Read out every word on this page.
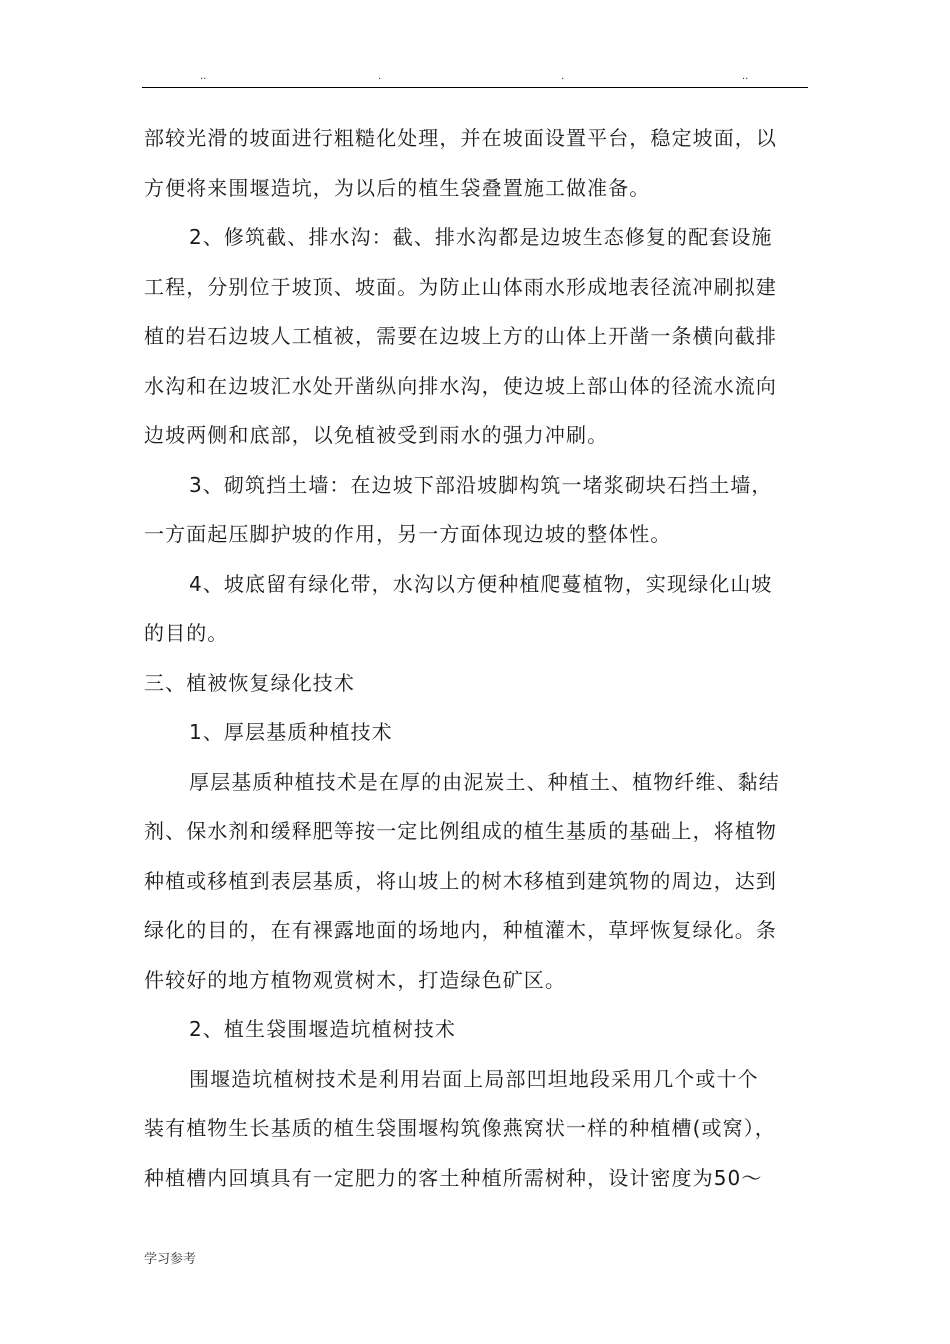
..	.	.	..
部较光滑的坡面进行粗糙化处理，并在坡面设置平台，稳定坡面，以
方便将来围堰造坑，为以后的植生袋叠置施工做准备。
2、修筑截、排水沟：截、排水沟都是边坡生态修复的配套设施
工程，分别位于坡顶、坡面。为防止山体雨水形成地表径流冲刷拟建
植的岩石边坡人工植被，需要在边坡上方的山体上开凿一条横向截排
水沟和在边坡汇水处开凿纵向排水沟，使边坡上部山体的径流水流向
边坡两侧和底部，以免植被受到雨水的强力冲刷。
3、砌筑挡土墙：在边坡下部沿坡脚构筑一堵浆砌块石挡土墙，
一方面起压脚护坡的作用，另一方面体现边坡的整体性。
4、坡底留有绿化带，水沟以方便种植爬蔓植物，实现绿化山坡
的目的。
三、植被恢复绿化技术
1、厚层基质种植技术
厚层基质种植技术是在厚的由泥炭土、种植土、植物纤维、黏结
剂、保水剂和缓释肥等按一定比例组成的植生基质的基础上，将植物
种植或移植到表层基质，将山坡上的树木移植到建筑物的周边，达到
绿化的目的，在有裸露地面的场地内，种植灌木，草坪恢复绿化。条
件较好的地方植物观赏树木，打造绿色矿区。
2、植生袋围堰造坑植树技术
围堰造坑植树技术是利用岩面上局部凹坦地段采用几个或十个
装有植物生长基质的植生袋围堰构筑像燕窝状一样的种植槽(或窝），
种植槽内回填具有一定肥力的客土种植所需树种，设计密度为50～
学习参考
